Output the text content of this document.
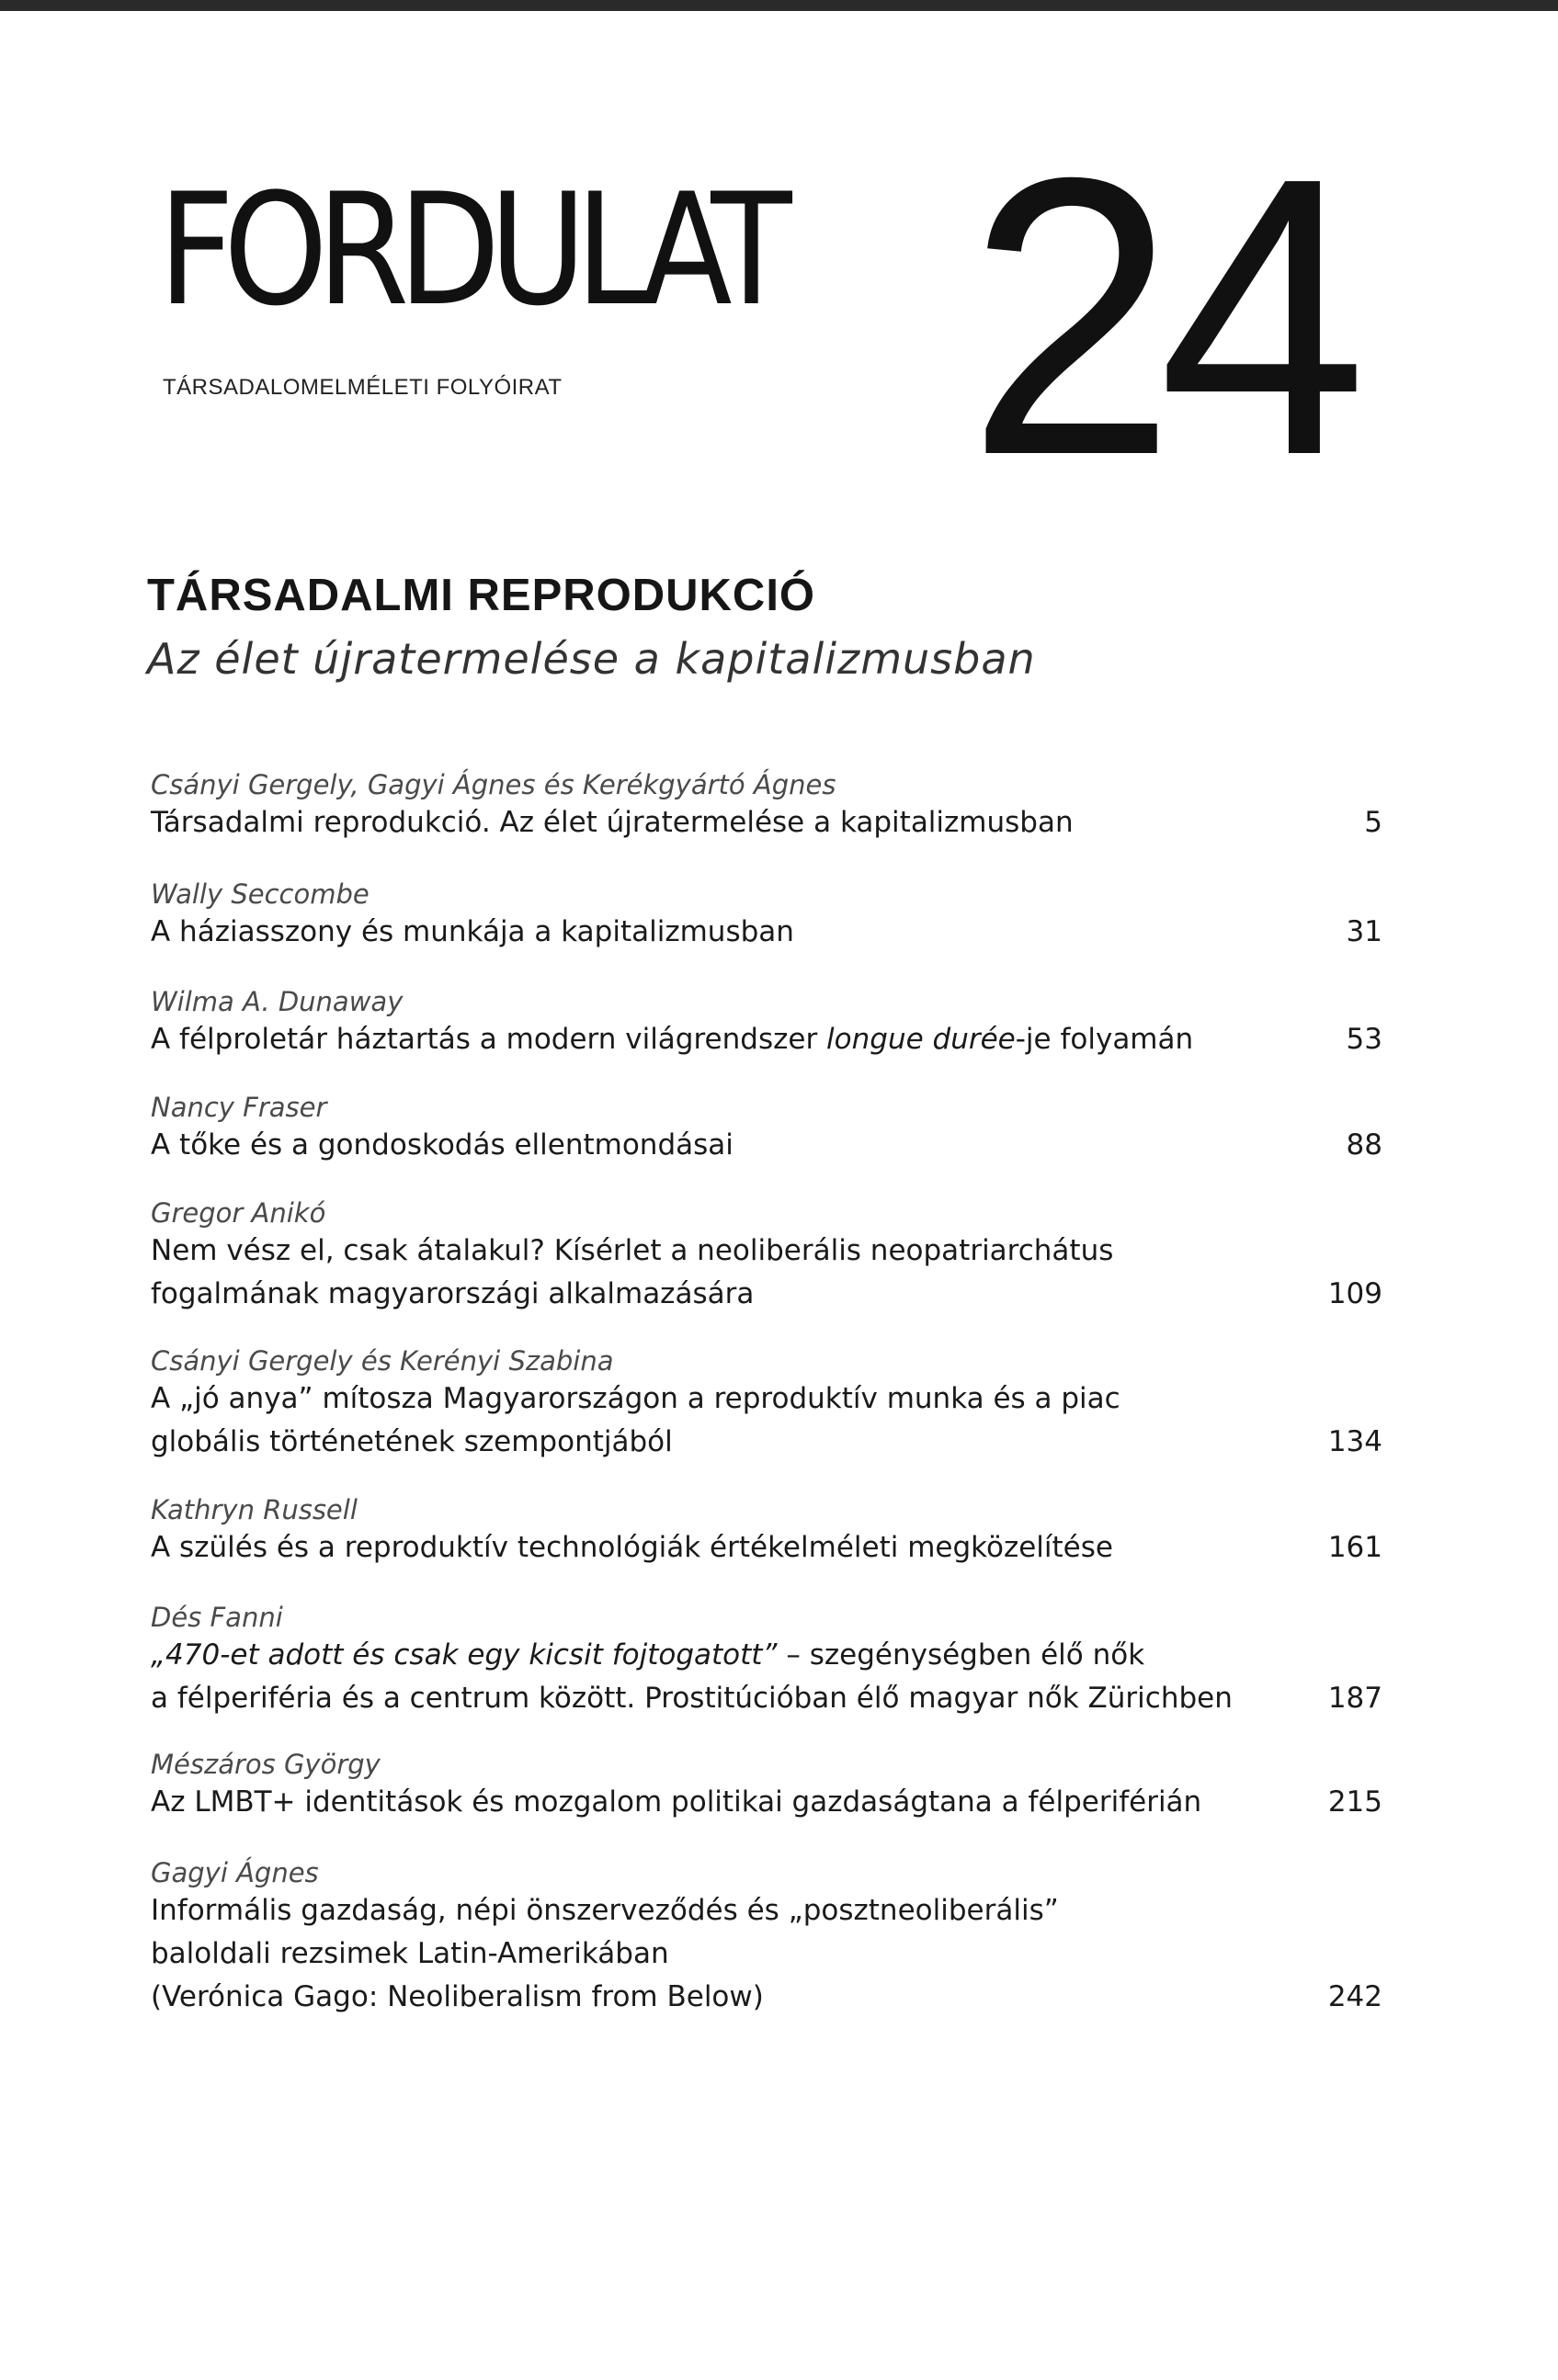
FORDULAT
TÁRSADALOMELMÉLETI FOLYÓIRAT 24
TÁRSADALMI REPRODUKCIÓ
Az élet újratermelése a kapitalizmusban
Csányi Gergely, Gagyi Ágnes és Kerékgyártó Ágnes
Társadalmi reprodukció. Az élet újratermelése a kapitalizmusban	5
Wally Seccombe
A háziasszony és munkája a kapitalizmusban	31
Wilma A. Dunaway
A félproletár háztartás a modern világrendszer longue durée-je folyamán	53
Nancy Fraser
A tőke és a gondoskodás ellentmondásai	88
Gregor Anikó
Nem vész el, csak átalakul? Kísérlet a neoliberális neopatriarchátus
fogalmának magyarországi alkalmazására	109
Csányi Gergely és Kerényi Szabina
A „jó anya” mítosza Magyarországon a reproduktív munka és a piac
globális történetének szempontjából	134
Kathryn Russell
A szülés és a reproduktív technológiák értékelméleti megközelítése	161
Dés Fanni
„470-et adott és csak egy kicsit fojtogatott” – szegénységben élő nők
a félperiféria és a centrum között. Prostitúcióban élő magyar nők Zürichben	187
Mészáros György
Az LMBT+ identitások és mozgalom politikai gazdaságtana a félperiférián	215
Gagyi Ágnes
Informális gazdaság, népi önszerveződés és „posztneoliberális”
baloldali rezsimek Latin-Amerikában
(Verónica Gago: Neoliberalism from Below)	242
